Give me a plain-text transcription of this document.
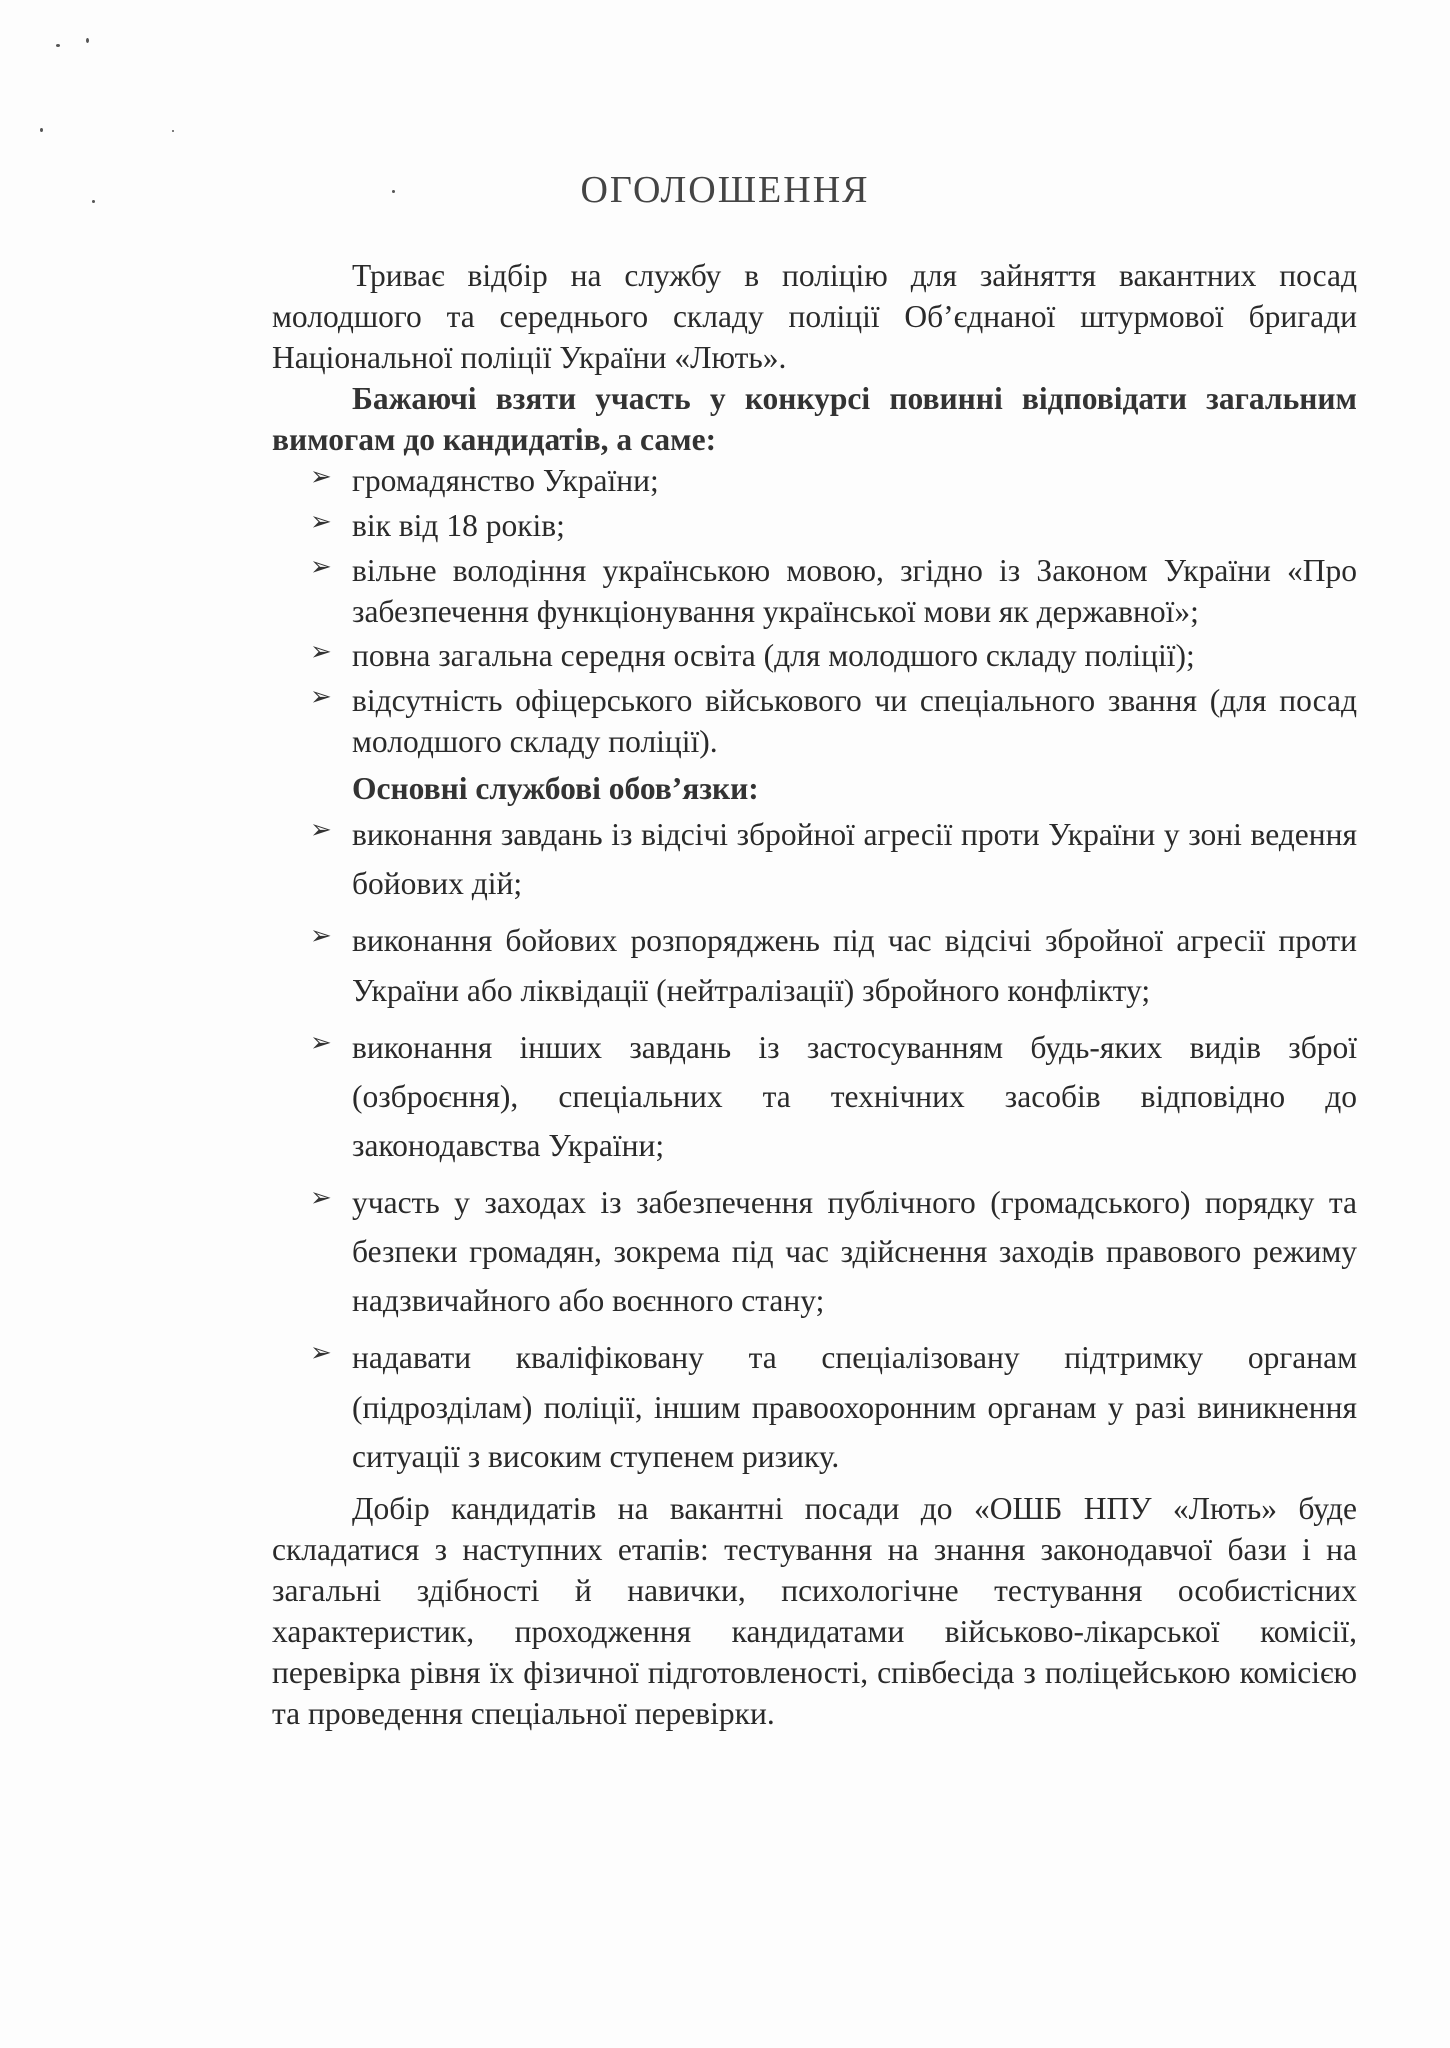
ОГОЛОШЕННЯ

Триває відбір на службу в поліцію для зайняття вакантних посад молодшого та середнього складу поліції Об’єднаної штурмової бригади Національної поліції України «Лють».

Бажаючі взяти участь у конкурсі повинні відповідати загальним вимогам до кандидатів, а саме:

➢ громадянство України;
➢ вік від 18 років;
➢ вільне володіння українською мовою, згідно із Законом України «Про забезпечення функціонування української мови як державної»;
➢ повна загальна середня освіта (для молодшого складу поліції);
➢ відсутність офіцерського військового чи спеціального звання (для посад молодшого складу поліції).

Основні службові обов’язки:

➢ виконання завдань із відсічі збройної агресії проти України у зоні ведення бойових дій;
➢ виконання бойових розпоряджень під час відсічі збройної агресії проти України або ліквідації (нейтралізації) збройного конфлікту;
➢ виконання інших завдань із застосуванням будь-яких видів зброї (озброєння), спеціальних та технічних засобів відповідно до законодавства України;
➢ участь у заходах із забезпечення публічного (громадського) порядку та безпеки громадян, зокрема під час здійснення заходів правового режиму надзвичайного або воєнного стану;
➢ надавати кваліфіковану та спеціалізовану підтримку органам (підрозділам) поліції, іншим правоохоронним органам у разі виникнення ситуації з високим ступенем ризику.

Добір кандидатів на вакантні посади до «ОШБ НПУ «Лють» буде складатися з наступних етапів: тестування на знання законодавчої бази і на загальні здібності й навички, психологічне тестування особистісних характеристик, проходження кандидатами військово-лікарської комісії, перевірка рівня їх фізичної підготовленості, співбесіда з поліцейською комісією та проведення спеціальної перевірки.
